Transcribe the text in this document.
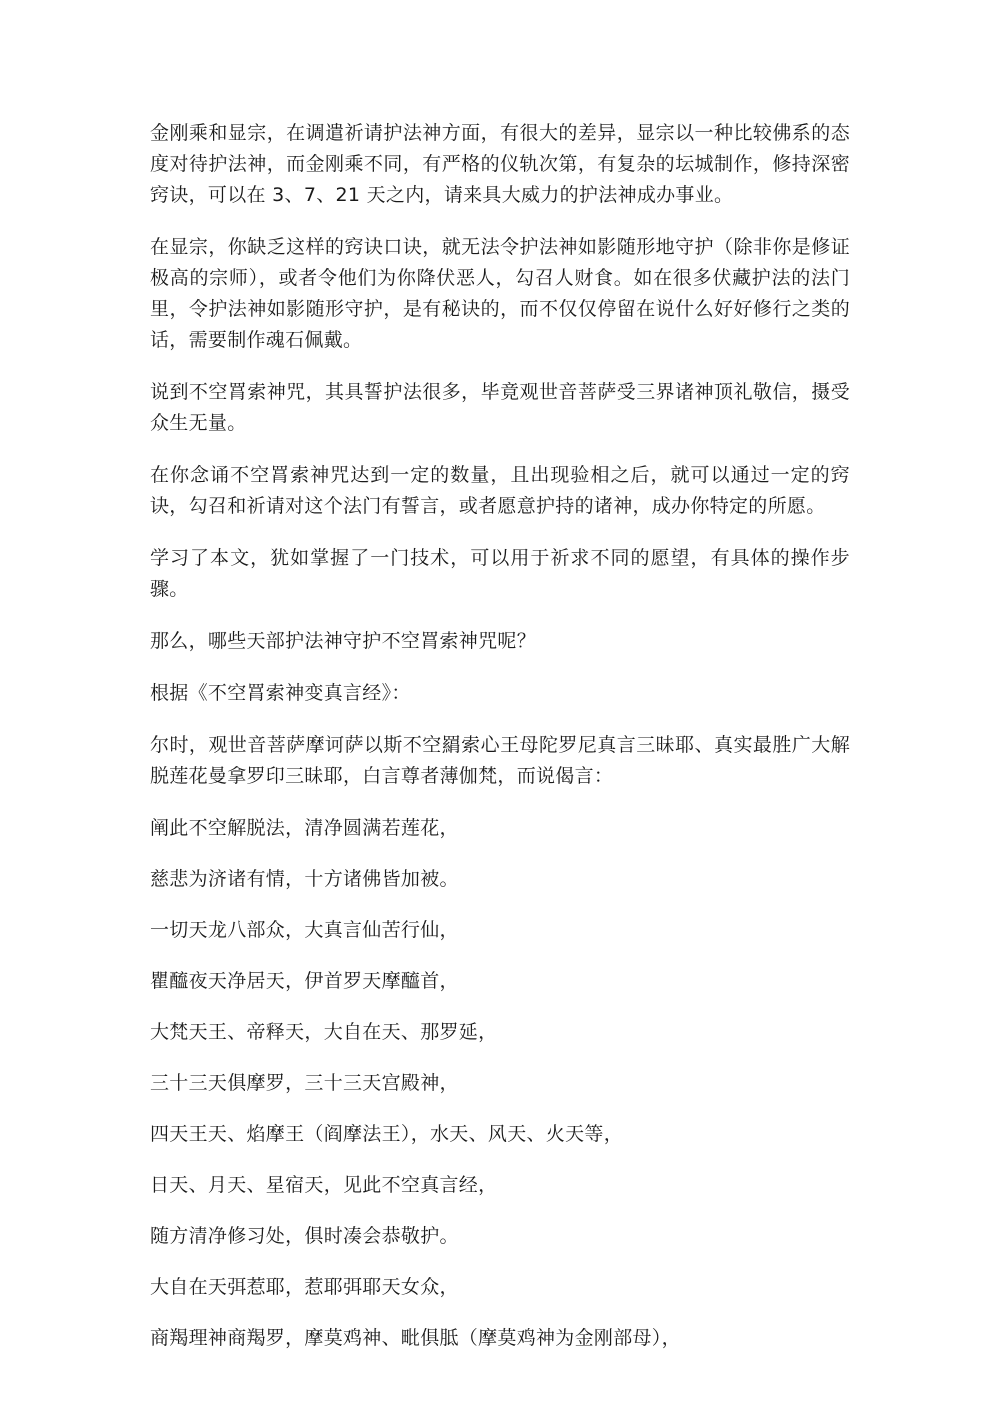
金刚乘和显宗，在调遣祈请护法神方面，有很大的差异，显宗以一种比较佛系的态度对待护法神，而金刚乘不同，有严格的仪轨次第，有复杂的坛城制作，修持深密窍诀，可以在 3、7、21 天之内，请来具大威力的护法神成办事业。

在显宗，你缺乏这样的窍诀口诀，就无法令护法神如影随形地守护（除非你是修证极高的宗师），或者令他们为你降伏恶人，勾召人财食。如在很多伏藏护法的法门里，令护法神如影随形守护，是有秘诀的，而不仅仅停留在说什么好好修行之类的话，需要制作魂石佩戴。

说到不空罥索神咒，其具誓护法很多，毕竟观世音菩萨受三界诸神顶礼敬信，摄受众生无量。

在你念诵不空罥索神咒达到一定的数量，且出现验相之后，就可以通过一定的窍诀，勾召和祈请对这个法门有誓言，或者愿意护持的诸神，成办你特定的所愿。

学习了本文，犹如掌握了一门技术，可以用于祈求不同的愿望，有具体的操作步骤。

那么，哪些天部护法神守护不空罥索神咒呢？

根据《不空罥索神变真言经》：

尔时，观世音菩萨摩诃萨以斯不空羂索心王母陀罗尼真言三昧耶、真实最胜广大解脱莲花曼拿罗印三昧耶，白言尊者薄伽梵，而说偈言：

阐此不空解脱法，清净圆满若莲花，

慈悲为济诸有情，十方诸佛皆加被。

一切天龙八部众，大真言仙苦行仙，

瞿醯夜天净居天，伊首罗天摩醯首，

大梵天王、帝释天，大自在天、那罗延，

三十三天俱摩罗，三十三天宫殿神，

四天王天、焰摩王（阎摩法王），水天、风天、火天等，

日天、月天、星宿天，见此不空真言经，

随方清净修习处，俱时凑会恭敬护。

大自在天弭惹耶，惹耶弭耶天女众，

商羯理神商羯罗，摩莫鸡神、毗俱胝（摩莫鸡神为金刚部母），
